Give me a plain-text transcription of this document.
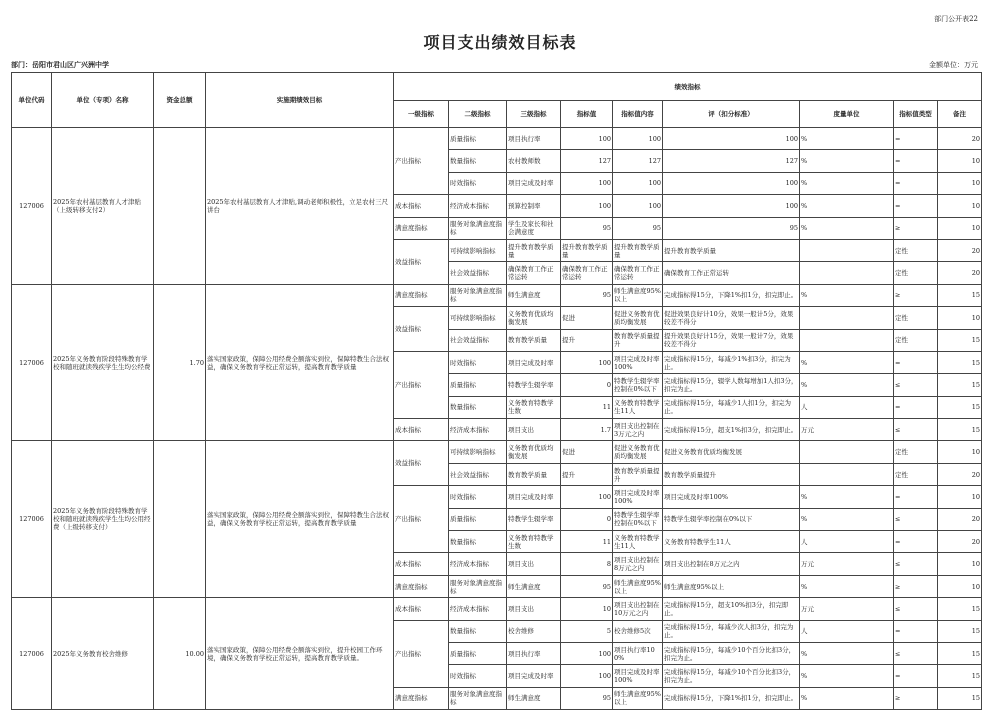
部门公开表22
项目支出绩效目标表
部门：岳阳市君山区广兴洲中学	金额单位：万元
单位代码	单位（专项）名称	资金总额	实施期绩效目标	绩效指标								
				一级指标	二级指标	三级指标	指标值	指标值内容	评（扣分标准）	度量单位	指标值类型	备注
127006	2025年农村基层教育人才津贴（上级转移支付2）		2025年农村基层教育人才津贴,调动老师积极性，立足农村三尺讲台	产出指标	质量指标	项目执行率	100	100	100	%	=	20
					数量指标	农村教师数	127	127	127	%	=	10
					时效指标	项目完成及时率	100	100	100	%	=	10
				成本指标	经济成本指标	预算控制率	100	100	100	%	=	10
				满意度指标	服务对象满意度指标	学生及家长和社会满意度	95	95	95	%	≥	10
				效益指标	可持续影响指标	提升教育教学质量	提升教育教学质量	提升教育教学质量	提升教育教学质量		定性	20
					社会效益指标	确保教育工作正常运转	确保教育工作正常运转	确保教育工作正常运转	确保教育工作正常运转		定性	20
127006	2025年义务教育阶段特殊教育学校和随班就读残疾学生生均公经费	1.70	落实国家政策，保障公用经费全额落实到位，保障特教生合法权益，确保义务教育学校正常运转，提高教育教学质量	满意度指标	服务对象满意度指标	师生满意度	95	师生满意度95%以上	完成指标得15分，下降1%扣1分，扣完即止。	%	≥	15
				效益指标	可持续影响指标	义务教育优质均衡发展	促进	促进义务教育优质均衡发展	促进效果良好计10分，效果一般计5分，效果较差不得分		定性	10
					社会效益指标	教育教学质量	提升	教育教学质量提升	提升效果良好计15分，效果一般计7分，效果较差不得分		定性	15
				产出指标	时效指标	项目完成及时率	100	项目完成及时率100%	完成指标得15分，每减少1%扣3分，扣完为止。	%	=	15
					质量指标	特教学生辍学率	0	特教学生辍学率控制在0%以下	完成指标得15分，辍学人数每增加1人扣3分，扣完为止。	%	≤	15
					数量指标	义务教育特教学生数	11	义务教育特教学生11人	完成指标得15分，每减少1人扣1分，扣完为止。	人	=	15
				成本指标	经济成本指标	项目支出	1.7	项目支出控制在3万元之内	完成指标得15分，超支1%扣3分，扣完即止。	万元	≤	15
127006	2025年义务教育阶段特殊教育学校和随班就读残疾学生生均公用经费（上级转移支付）		落实国家政策，保障公用经费全额落实到位，保障特教生合法权益，确保义务教育学校正常运转，提高教育教学质量	效益指标	可持续影响指标	义务教育优质均衡发展	促进	促进义务教育优质均衡发展	促进义务教育优质均衡发展		定性	10
					社会效益指标	教育教学质量	提升	教育教学质量提升	教育教学质量提升		定性	20
				产出指标	时效指标	项目完成及时率	100	项目完成及时率100%	项目完成及时率100%	%	=	10
					质量指标	特教学生辍学率	0	特教学生辍学率控制在0%以下	特教学生辍学率控制在0%以下	%	≤	20
					数量指标	义务教育特教学生数	11	义务教育特教学生11人	义务教育特教学生11人	人	=	20
				成本指标	经济成本指标	项目支出	8	项目支出控制在8万元之内	项目支出控制在8万元之内	万元	≤	10
				满意度指标	服务对象满意度指标	师生满意度	95	师生满意度95%以上	师生满意度95%以上	%	≥	10
127006	2025年义务教育校舍维修	10.00	落实国家政策，保障公用经费全额落实到位，提升校园工作环境，确保义务教育学校正常运转，提高教育教学质量。	成本指标	经济成本指标	项目支出	10	项目支出控制在10万元之内	完成指标得15分，超支10%扣3分，扣完即止。	万元	≤	15
				产出指标	数量指标	校舍维修	5	校舍维修5次	完成指标得15分，每减少次人扣3分，扣完为止。	人	=	15
					质量指标	项目执行率	100	项目执行率100%	完成指标得15分，每减少10个百分比扣3分，扣完为止。	%	≤	15
					时效指标	项目完成及时率	100	项目完成及时率100%	完成指标得15分，每减少10个百分比扣3分，扣完为止。	%	=	15
				满意度指标	服务对象满意度指标	师生满意度	95	师生满意度95%以上	完成指标得15分，下降1%扣1分，扣完即止。	%	≥	15
